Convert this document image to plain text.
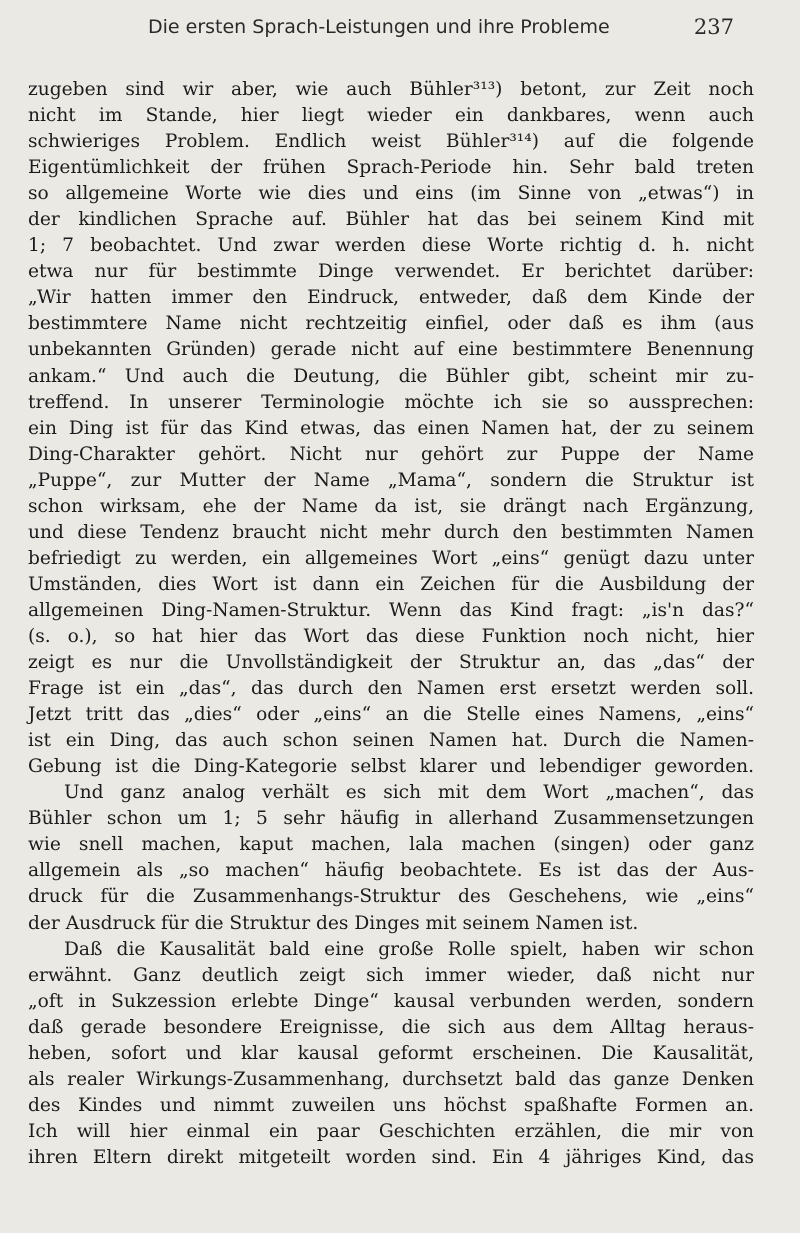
Die ersten Sprach-Leistungen und ihre Probleme	237
zugeben sind wir aber, wie auch Bühler³¹³) betont, zur Zeit noch
nicht im Stande, hier liegt wieder ein dankbares, wenn auch
schwieriges Problem. Endlich weist Bühler³¹⁴) auf die folgende
Eigentümlichkeit der frühen Sprach-Periode hin. Sehr bald treten
so allgemeine Worte wie dies und eins (im Sinne von „etwas“) in
der kindlichen Sprache auf. Bühler hat das bei seinem Kind mit
1; 7 beobachtet. Und zwar werden diese Worte richtig d. h. nicht
etwa nur für bestimmte Dinge verwendet. Er berichtet darüber:
„Wir hatten immer den Eindruck, entweder, daß dem Kinde der
bestimmtere Name nicht rechtzeitig einfiel, oder daß es ihm (aus
unbekannten Gründen) gerade nicht auf eine bestimmtere Benennung
ankam.“ Und auch die Deutung, die Bühler gibt, scheint mir zu-
treffend. In unserer Terminologie möchte ich sie so aussprechen:
ein Ding ist für das Kind etwas, das einen Namen hat, der zu seinem
Ding-Charakter gehört. Nicht nur gehört zur Puppe der Name
„Puppe“, zur Mutter der Name „Mama“, sondern die Struktur ist
schon wirksam, ehe der Name da ist, sie drängt nach Ergänzung,
und diese Tendenz braucht nicht mehr durch den bestimmten Namen
befriedigt zu werden, ein allgemeines Wort „eins“ genügt dazu unter
Umständen, dies Wort ist dann ein Zeichen für die Ausbildung der
allgemeinen Ding-Namen-Struktur. Wenn das Kind fragt: „is'n das?“
(s. o.), so hat hier das Wort das diese Funktion noch nicht, hier
zeigt es nur die Unvollständigkeit der Struktur an, das „das“ der
Frage ist ein „das“, das durch den Namen erst ersetzt werden soll.
Jetzt tritt das „dies“ oder „eins“ an die Stelle eines Namens, „eins“
ist ein Ding, das auch schon seinen Namen hat. Durch die Namen-
Gebung ist die Ding-Kategorie selbst klarer und lebendiger geworden.
Und ganz analog verhält es sich mit dem Wort „machen“, das
Bühler schon um 1; 5 sehr häufig in allerhand Zusammensetzungen
wie snell machen, kaput machen, lala machen (singen) oder ganz
allgemein als „so machen“ häufig beobachtete. Es ist das der Aus-
druck für die Zusammenhangs-Struktur des Geschehens, wie „eins“
der Ausdruck für die Struktur des Dinges mit seinem Namen ist.
Daß die Kausalität bald eine große Rolle spielt, haben wir schon
erwähnt. Ganz deutlich zeigt sich immer wieder, daß nicht nur
„oft in Sukzession erlebte Dinge“ kausal verbunden werden, sondern
daß gerade besondere Ereignisse, die sich aus dem Alltag heraus-
heben, sofort und klar kausal geformt erscheinen. Die Kausalität,
als realer Wirkungs-Zusammenhang, durchsetzt bald das ganze Denken
des Kindes und nimmt zuweilen uns höchst spaßhafte Formen an.
Ich will hier einmal ein paar Geschichten erzählen, die mir von
ihren Eltern direkt mitgeteilt worden sind. Ein 4 jähriges Kind, das
